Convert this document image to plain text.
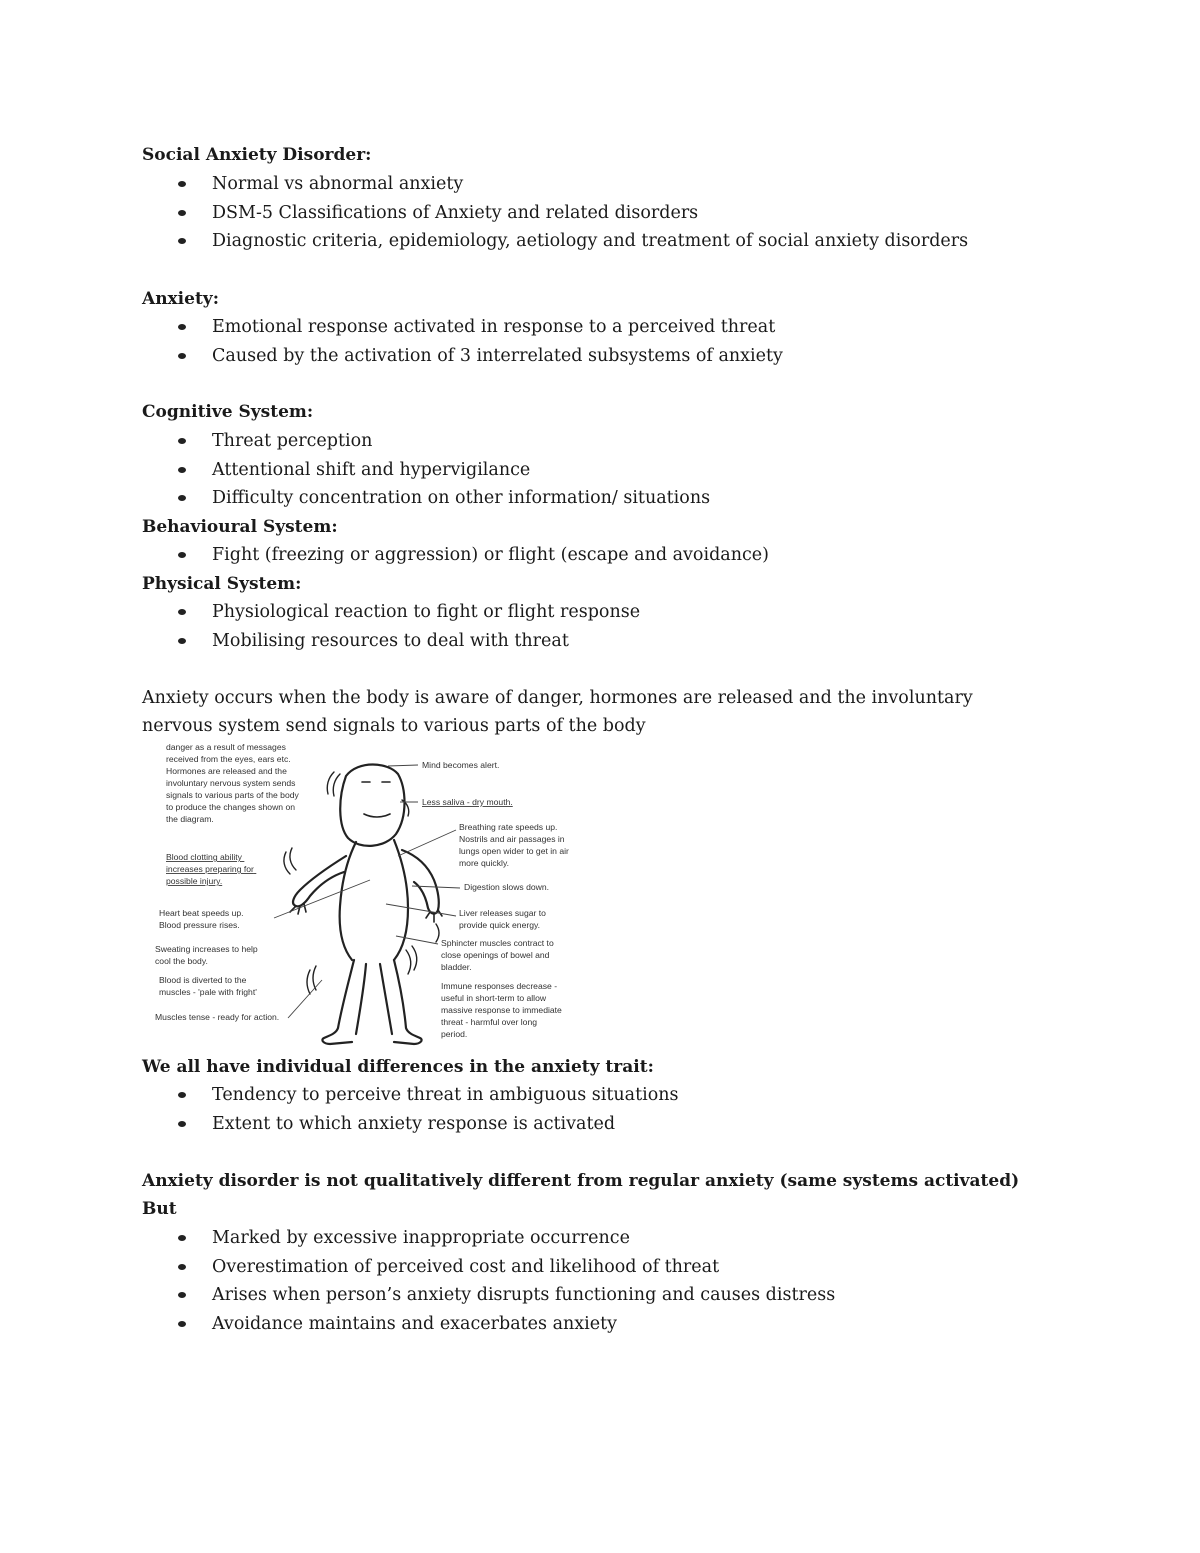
Social Anxiety Disorder:
Normal vs abnormal anxiety
DSM-5 Classifications of Anxiety and related disorders
Diagnostic criteria, epidemiology, aetiology and treatment of social anxiety disorders
Anxiety:
Emotional response activated in response to a perceived threat
Caused by the activation of 3 interrelated subsystems of anxiety
Cognitive System:
Threat perception
Attentional shift and hypervigilance
Difficulty concentration on other information/ situations
Behavioural System:
Fight (freezing or aggression) or flight (escape and avoidance)
Physical System:
Physiological reaction to fight or flight response
Mobilising resources to deal with threat
Anxiety occurs when the body is aware of danger, hormones are released and the involuntary nervous system send signals to various parts of the body
danger as a result of messages received from the eyes, ears etc. Hormones are released and the involuntary nervous system sends signals to various parts of the body to produce the changes shown on the diagram.
Blood clotting ability increases preparing for possible injury.
Heart beat speeds up. Blood pressure rises.
Sweating increases to help cool the body.
Blood is diverted to the muscles - 'pale with fright'
Muscles tense - ready for action.
Mind becomes alert.
Less saliva - dry mouth.
Breathing rate speeds up. Nostrils and air passages in lungs open wider to get in air more quickly.
Digestion slows down.
Liver releases sugar to provide quick energy.
Sphincter muscles contract to close openings of bowel and bladder.
Immune responses decrease - useful in short-term to allow massive response to immediate threat - harmful over long period.
We all have individual differences in the anxiety trait:
Tendency to perceive threat in ambiguous situations
Extent to which anxiety response is activated
Anxiety disorder is not qualitatively different from regular anxiety (same systems activated)
But
Marked by excessive inappropriate occurrence
Overestimation of perceived cost and likelihood of threat
Arises when person’s anxiety disrupts functioning and causes distress
Avoidance maintains and exacerbates anxiety
